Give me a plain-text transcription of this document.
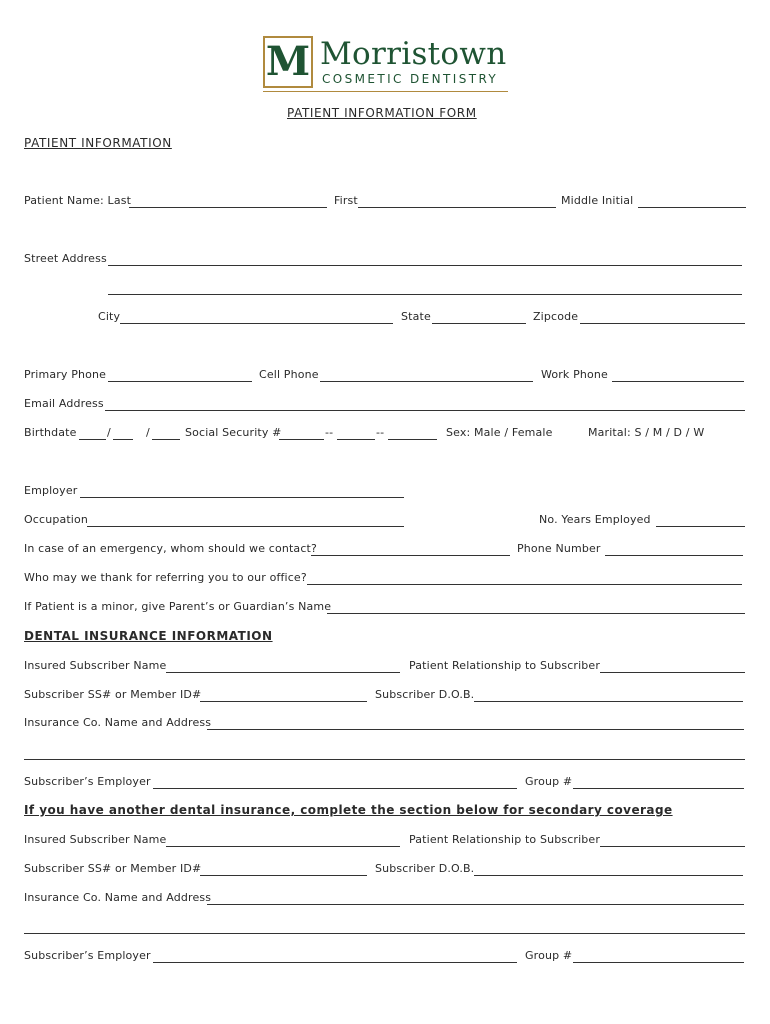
M Morristown
COSMETIC DENTISTRY
PATIENT INFORMATION FORM
PATIENT INFORMATION
Patient Name: Last	First	Middle Initial
Street Address
City	State	Zipcode
Primary Phone	Cell Phone	Work Phone
Email Address
Birthdate	/	/	Social Security #	--	--	Sex: Male / Female	Marital: S / M / D / W
Employer
Occupation	No. Years Employed
In case of an emergency, whom should we contact?	Phone Number
Who may we thank for referring you to our office?
If Patient is a minor, give Parent’s or Guardian’s Name
DENTAL INSURANCE INFORMATION
Insured Subscriber Name	Patient Relationship to Subscriber
Subscriber SS# or Member ID#	Subscriber D.O.B.
Insurance Co. Name and Address
Subscriber’s Employer	Group #
If you have another dental insurance, complete the section below for secondary coverage
Insured Subscriber Name	Patient Relationship to Subscriber
Subscriber SS# or Member ID#	Subscriber D.O.B.
Insurance Co. Name and Address
Subscriber’s Employer	Group #
